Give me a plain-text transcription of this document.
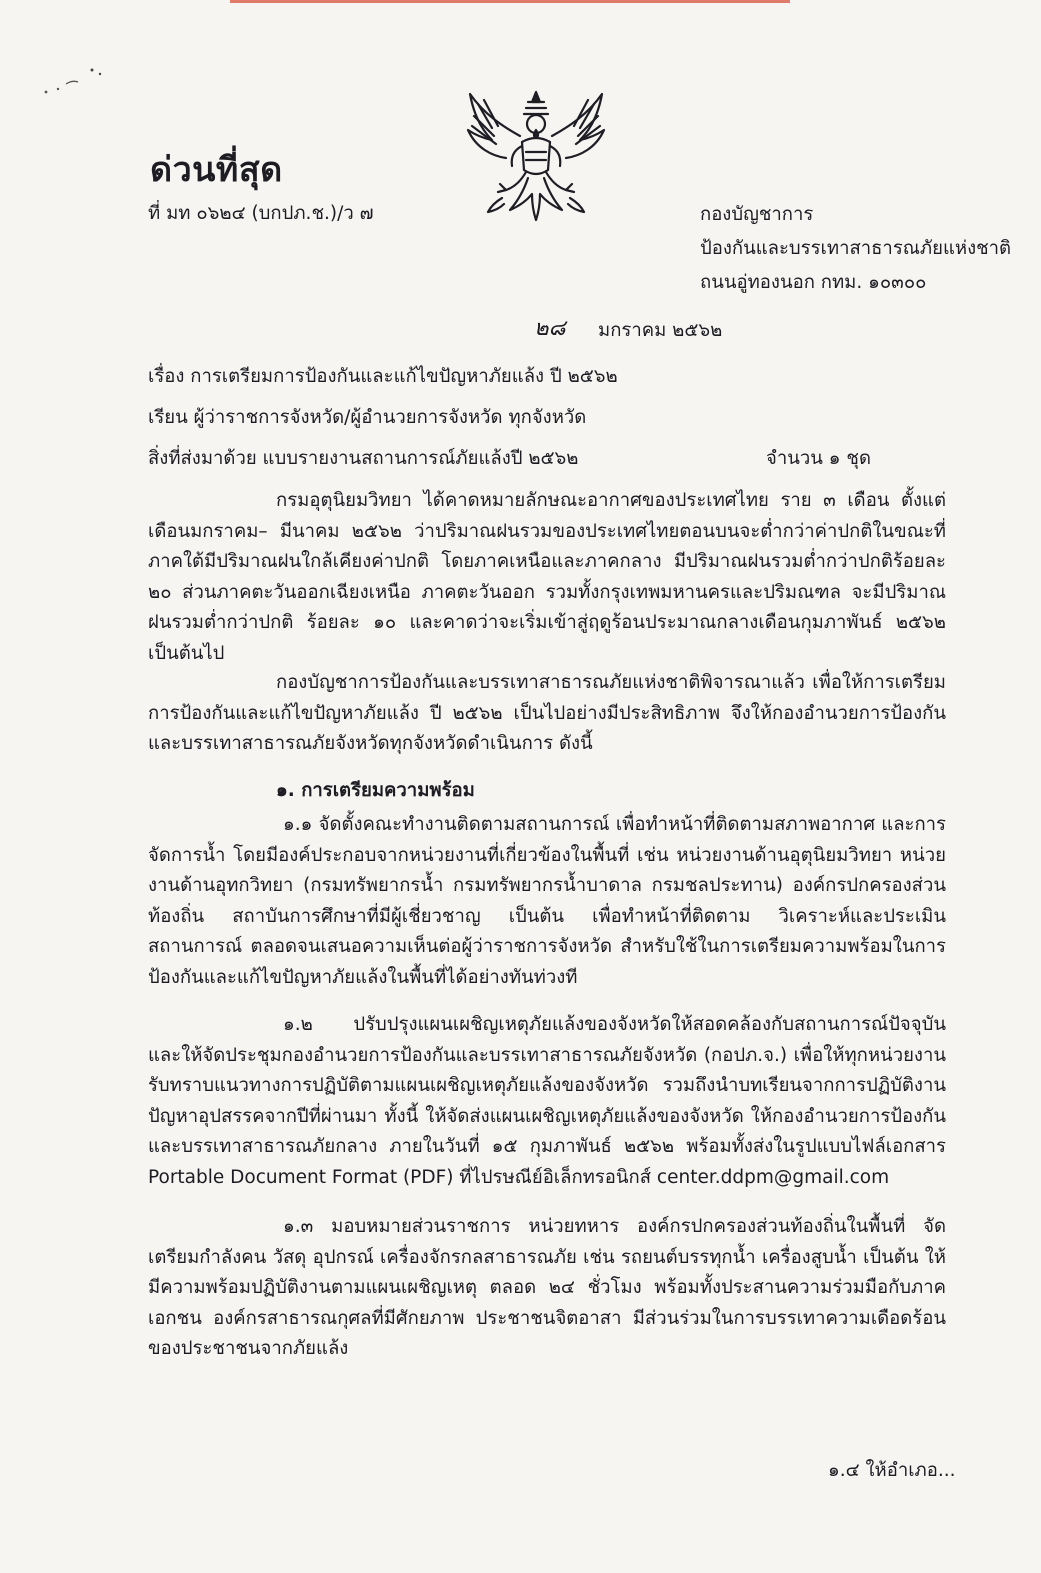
ด่วนที่สุด
ที่ มท ๐๖๒๔ (บกปภ.ช.)/ว ๗	กองบัญชาการ
ป้องกันและบรรเทาสาธารณภัยแห่งชาติ
ถนนอู่ทองนอก กทม. ๑๐๓๐๐
๒๘ มกราคม ๒๕๖๒
เรื่อง การเตรียมการป้องกันและแก้ไขปัญหาภัยแล้ง ปี ๒๕๖๒
เรียน ผู้ว่าราชการจังหวัด/ผู้อำนวยการจังหวัด ทุกจังหวัด
สิ่งที่ส่งมาด้วย แบบรายงานสถานการณ์ภัยแล้งปี ๒๕๖๒	จำนวน ๑ ชุด
กรมอุตุนิยมวิทยา ได้คาดหมายลักษณะอากาศของประเทศไทย ราย ๓ เดือน ตั้งแต่เดือนมกราคม– มีนาคม ๒๕๖๒ ว่าปริมาณฝนรวมของประเทศไทยตอนบนจะต่ำกว่าค่าปกติในขณะที่ภาคใต้มีปริมาณฝนใกล้เคียงค่าปกติ โดยภาคเหนือและภาคกลาง มีปริมาณฝนรวมต่ำกว่าปกติร้อยละ ๒๐ ส่วนภาคตะวันออกเฉียงเหนือ ภาคตะวันออก รวมทั้งกรุงเทพมหานครและปริมณฑล จะมีปริมาณฝนรวมต่ำกว่าปกติ ร้อยละ ๑๐ และคาดว่าจะเริ่มเข้าสู่ฤดูร้อนประมาณกลางเดือนกุมภาพันธ์ ๒๕๖๒ เป็นต้นไป
กองบัญชาการป้องกันและบรรเทาสาธารณภัยแห่งชาติพิจารณาแล้ว เพื่อให้การเตรียมการป้องกันและแก้ไขปัญหาภัยแล้ง ปี ๒๕๖๒ เป็นไปอย่างมีประสิทธิภาพ จึงให้กองอำนวยการป้องกันและบรรเทาสาธารณภัยจังหวัดทุกจังหวัดดำเนินการ ดังนี้
๑. การเตรียมความพร้อม
๑.๑ จัดตั้งคณะทำงานติดตามสถานการณ์ เพื่อทำหน้าที่ติดตามสภาพอากาศ และการจัดการน้ำ โดยมีองค์ประกอบจากหน่วยงานที่เกี่ยวข้องในพื้นที่ เช่น หน่วยงานด้านอุตุนิยมวิทยา หน่วยงานด้านอุทกวิทยา (กรมทรัพยากรน้ำ กรมทรัพยากรน้ำบาดาล กรมชลประทาน) องค์กรปกครองส่วนท้องถิ่น สถาบันการศึกษาที่มีผู้เชี่ยวชาญ เป็นต้น เพื่อทำหน้าที่ติดตาม วิเคราะห์และประเมินสถานการณ์ ตลอดจนเสนอความเห็นต่อผู้ว่าราชการจังหวัด สำหรับใช้ในการเตรียมความพร้อมในการป้องกันและแก้ไขปัญหาภัยแล้งในพื้นที่ได้อย่างทันท่วงที
๑.๒ ปรับปรุงแผนเผชิญเหตุภัยแล้งของจังหวัดให้สอดคล้องกับสถานการณ์ปัจจุบัน และให้จัดประชุมกองอำนวยการป้องกันและบรรเทาสาธารณภัยจังหวัด (กอปภ.จ.) เพื่อให้ทุกหน่วยงานรับทราบแนวทางการปฏิบัติตามแผนเผชิญเหตุภัยแล้งของจังหวัด รวมถึงนำบทเรียนจากการปฏิบัติงาน ปัญหาอุปสรรคจากปีที่ผ่านมา ทั้งนี้ ให้จัดส่งแผนเผชิญเหตุภัยแล้งของจังหวัด ให้กองอำนวยการป้องกันและบรรเทาสาธารณภัยกลาง ภายในวันที่ ๑๕ กุมภาพันธ์ ๒๕๖๒ พร้อมทั้งส่งในรูปแบบไฟล์เอกสาร Portable Document Format (PDF) ที่ไปรษณีย์อิเล็กทรอนิกส์ center.ddpm@gmail.com
๑.๓ มอบหมายส่วนราชการ หน่วยทหาร องค์กรปกครองส่วนท้องถิ่นในพื้นที่ จัดเตรียมกำลังคน วัสดุ อุปกรณ์ เครื่องจักรกลสาธารณภัย เช่น รถยนต์บรรทุกน้ำ เครื่องสูบน้ำ เป็นต้น ให้มีความพร้อมปฏิบัติงานตามแผนเผชิญเหตุ ตลอด ๒๔ ชั่วโมง พร้อมทั้งประสานความร่วมมือกับภาคเอกชน องค์กรสาธารณกุศลที่มีศักยภาพ ประชาชนจิตอาสา มีส่วนร่วมในการบรรเทาความเดือดร้อนของประชาชนจากภัยแล้ง
๑.๔ ให้อำเภอ...
